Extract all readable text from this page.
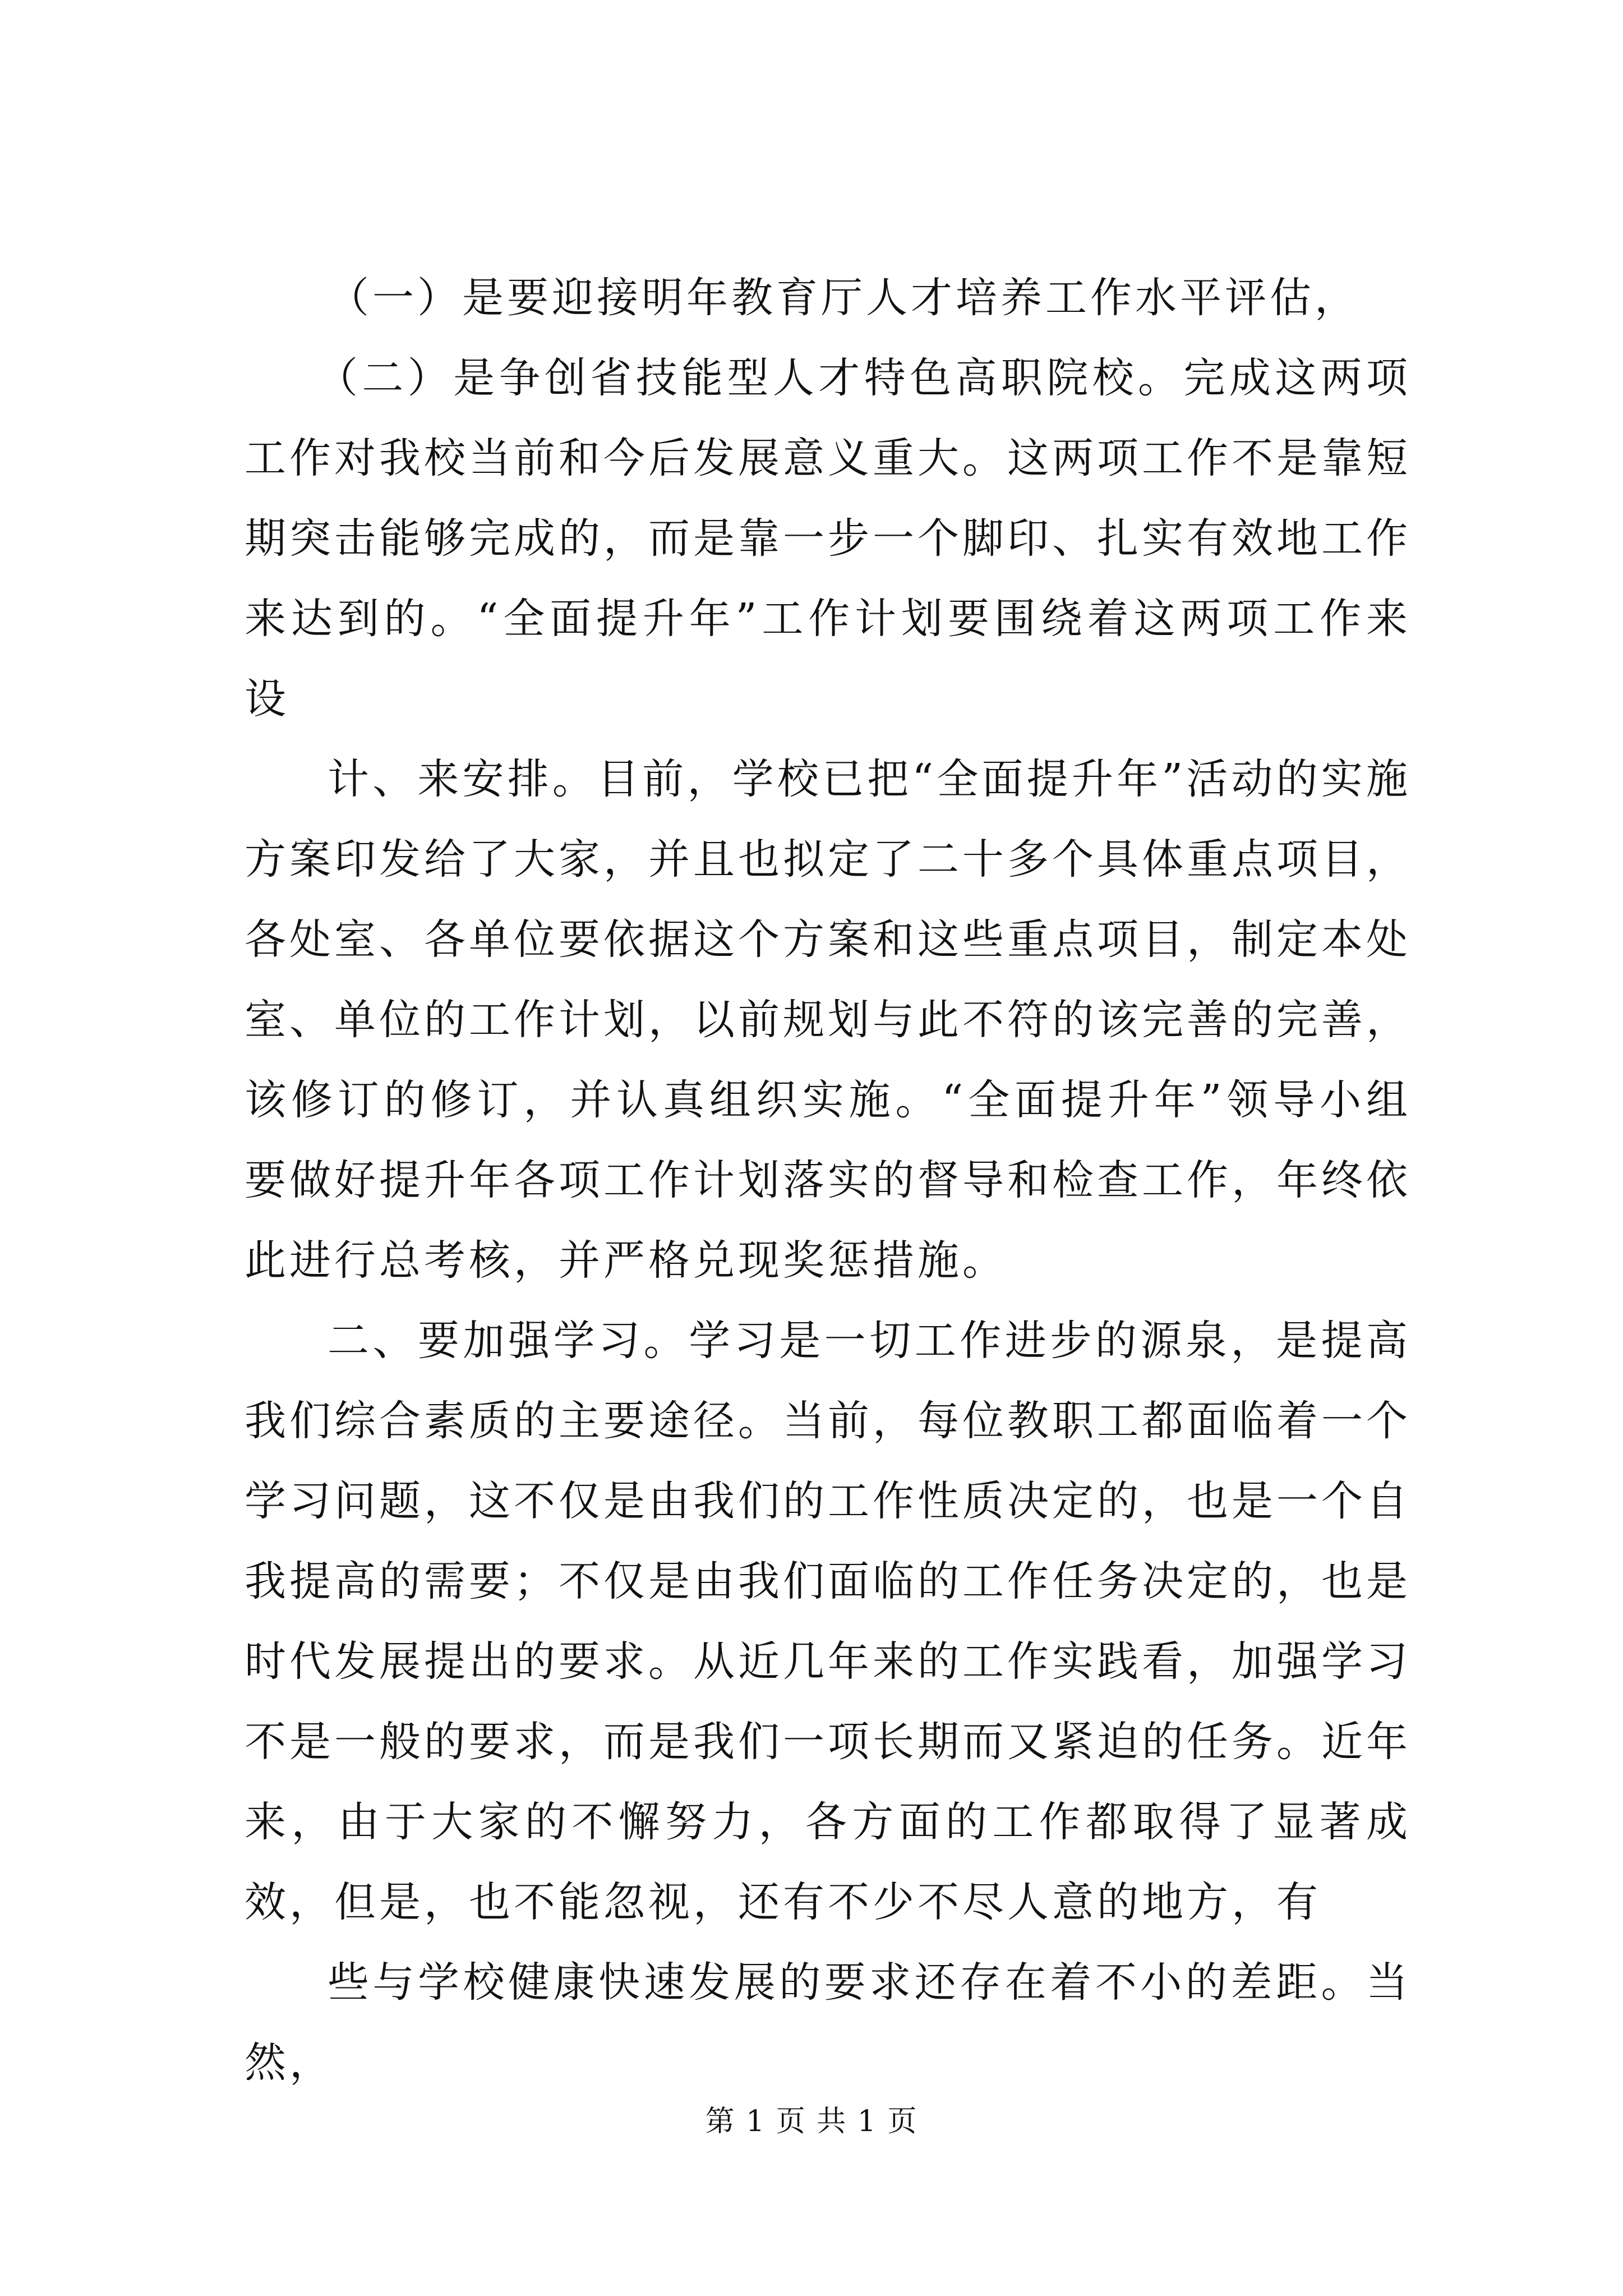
（一）是要迎接明年教育厅人才培养工作水平评估，

（二）是争创省技能型人才特色高职院校。完成这两项工作对我校当前和今后发展意义重大。这两项工作不是靠短期突击能够完成的，而是靠一步一个脚印、扎实有效地工作来达到的。“全面提升年”工作计划要围绕着这两项工作来设

计、来安排。目前，学校已把“全面提升年”活动的实施方案印发给了大家，并且也拟定了二十多个具体重点项目，各处室、各单位要依据这个方案和这些重点项目，制定本处室、单位的工作计划，以前规划与此不符的该完善的完善，该修订的修订，并认真组织实施。“全面提升年”领导小组要做好提升年各项工作计划落实的督导和检查工作，年终依此进行总考核，并严格兑现奖惩措施。

二、要加强学习。学习是一切工作进步的源泉，是提高我们综合素质的主要途径。当前，每位教职工都面临着一个学习问题，这不仅是由我们的工作性质决定的，也是一个自我提高的需要；不仅是由我们面临的工作任务决定的，也是时代发展提出的要求。从近几年来的工作实践看，加强学习不是一般的要求，而是我们一项长期而又紧迫的任务。近年来，由于大家的不懈努力，各方面的工作都取得了显著成效，但是，也不能忽视，还有不少不尽人意的地方，有

些与学校健康快速发展的要求还存在着不小的差距。当然，

第 1 页 共 1 页
